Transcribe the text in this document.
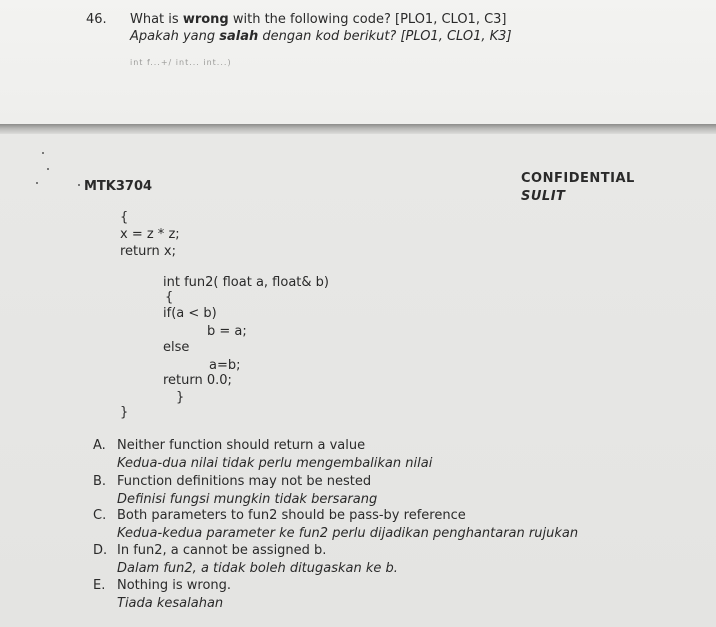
46. What is wrong with the following code? [PLO1, CLO1, C3]
Apakah yang salah dengan kod berikut? [PLO1, CLO1, K3]
int f...+/ int... int...)
MTK3704
CONFIDENTIAL
SULIT
{
x = z * z;
return x;
int fun2( float a, float& b)
{
if(a < b)
b = a;
else
a=b;
return 0.0;
}
}
A. Neither function should return a value
Kedua-dua nilai tidak perlu mengembalikan nilai
B. Function definitions may not be nested
Definisi fungsi mungkin tidak bersarang
C. Both parameters to fun2 should be pass-by reference
Kedua-kedua parameter ke fun2 perlu dijadikan penghantaran rujukan
D. In fun2, a cannot be assigned b.
Dalam fun2, a tidak boleh ditugaskan ke b.
E. Nothing is wrong.
Tiada kesalahan
